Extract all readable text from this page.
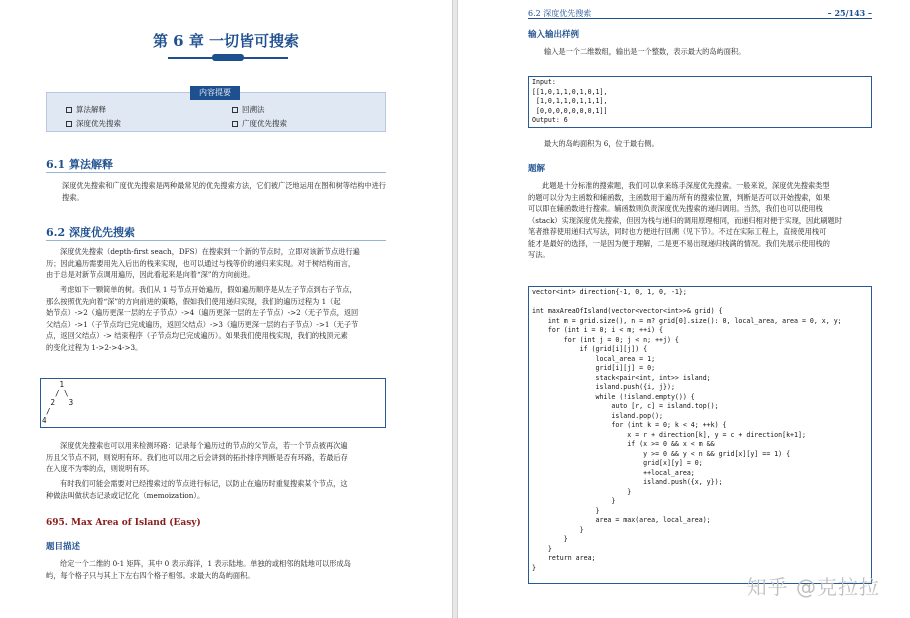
第 6 章 一切皆可搜索
内容提要
算法解释	回溯法
深度优先搜索	广度优先搜索
6.1 算法解释
深度优先搜索和广度优先搜索是两种最常见的优先搜索方法，它们被广泛地运用在图和树等结构中进行搜索。
6.2 深度优先搜索
深度优先搜索（depth-first seach，DFS）在搜索到一个新的节点时，立即对该新节点进行遍
历；因此遍历需要用先入后出的栈来实现，也可以通过与栈等价的递归来实现。对于树结构而言，
由于总是对新节点调用遍历，因此看起来是向着“深”的方向前进。
考虑如下一颗简单的树。我们从 1 号节点开始遍历，假如遍历顺序是从左子节点到右子节点，
那么按照优先向着“深”的方向前进的策略，假如我们使用递归实现，我们的遍历过程为 1（起
始节点）->2（遍历更深一层的左子节点）->4（遍历更深一层的左子节点）->2（无子节点，返回
父结点）->1（子节点均已完成遍历，返回父结点）->3（遍历更深一层的右子节点）->1（无子节
点，返回父结点）-> 结束程序（子节点均已完成遍历）。如果我们使用栈实现，我们的栈顶元素
的变化过程为 1->2->4->3。
1
/ \
2   3
/
4
深度优先搜索也可以用来检测环路：记录每个遍历过的节点的父节点，若一个节点被再次遍
历且父节点不同，则说明有环。我们也可以用之后会讲到的拓扑排序判断是否有环路，若最后存
在入度不为零的点，则说明有环。
有时我们可能会需要对已经搜索过的节点进行标记，以防止在遍历时重复搜索某个节点，这
种做法叫做状态记录或记忆化（memoization）。
695. Max Area of Island (Easy)
题目描述
给定一个二维的 0-1 矩阵，其中 0 表示海洋，1 表示陆地。单独的或相邻的陆地可以形成岛
屿，每个格子只与其上下左右四个格子相邻。求最大的岛屿面积。
6.2 深度优先搜索	– 25/143 –
输入输出样例
输入是一个二维数组，输出是一个整数，表示最大的岛屿面积。
Input:
[[1,0,1,1,0,1,0,1],
[1,0,1,1,0,1,1,1],
[0,0,0,0,0,0,0,1]]
Output: 6
最大的岛屿面积为 6，位于最右侧。
题解
此题是十分标准的搜索题，我们可以拿来练手深度优先搜索。一般来说，深度优先搜索类型
的题可以分为主函数和辅函数，主函数用于遍历所有的搜索位置，判断是否可以开始搜索，如果
可以即在辅函数进行搜索。辅函数则负责深度优先搜索的递归调用。当然，我们也可以使用栈
（stack）实现深度优先搜索，但因为栈与递归的调用原理相同，而递归相对便于实现，因此刷题时
笔者推荐使用递归式写法，同时也方便进行回溯（见下节）。不过在实际工程上，直接使用栈可
能才是最好的选择，一是因为便于理解，二是更不易出现递归栈满的情况。我们先展示使用栈的
写法。
vector<int> direction{-1, 0, 1, 0, -1};
int maxAreaOfIsland(vector<vector<int>>& grid) {
int m = grid.size(), n = m? grid[0].size(): 0, local_area, area = 0, x, y;
for (int i = 0; i < m; ++i) {
for (int j = 0; j < n; ++j) {
if (grid[i][j]) {
local_area = 1;
grid[i][j] = 0;
stack<pair<int, int>> island;
island.push({i, j});
while (!island.empty()) {
auto [r, c] = island.top();
island.pop();
for (int k = 0; k < 4; ++k) {
x = r + direction[k], y = c + direction[k+1];
if (x >= 0 && x < m &&
y >= 0 && y < n && grid[x][y] == 1) {
grid[x][y] = 0;
++local_area;
island.push({x, y});
}
}
}
area = max(area, local_area);
}
}
}
return area;
}
知乎 @克拉拉
